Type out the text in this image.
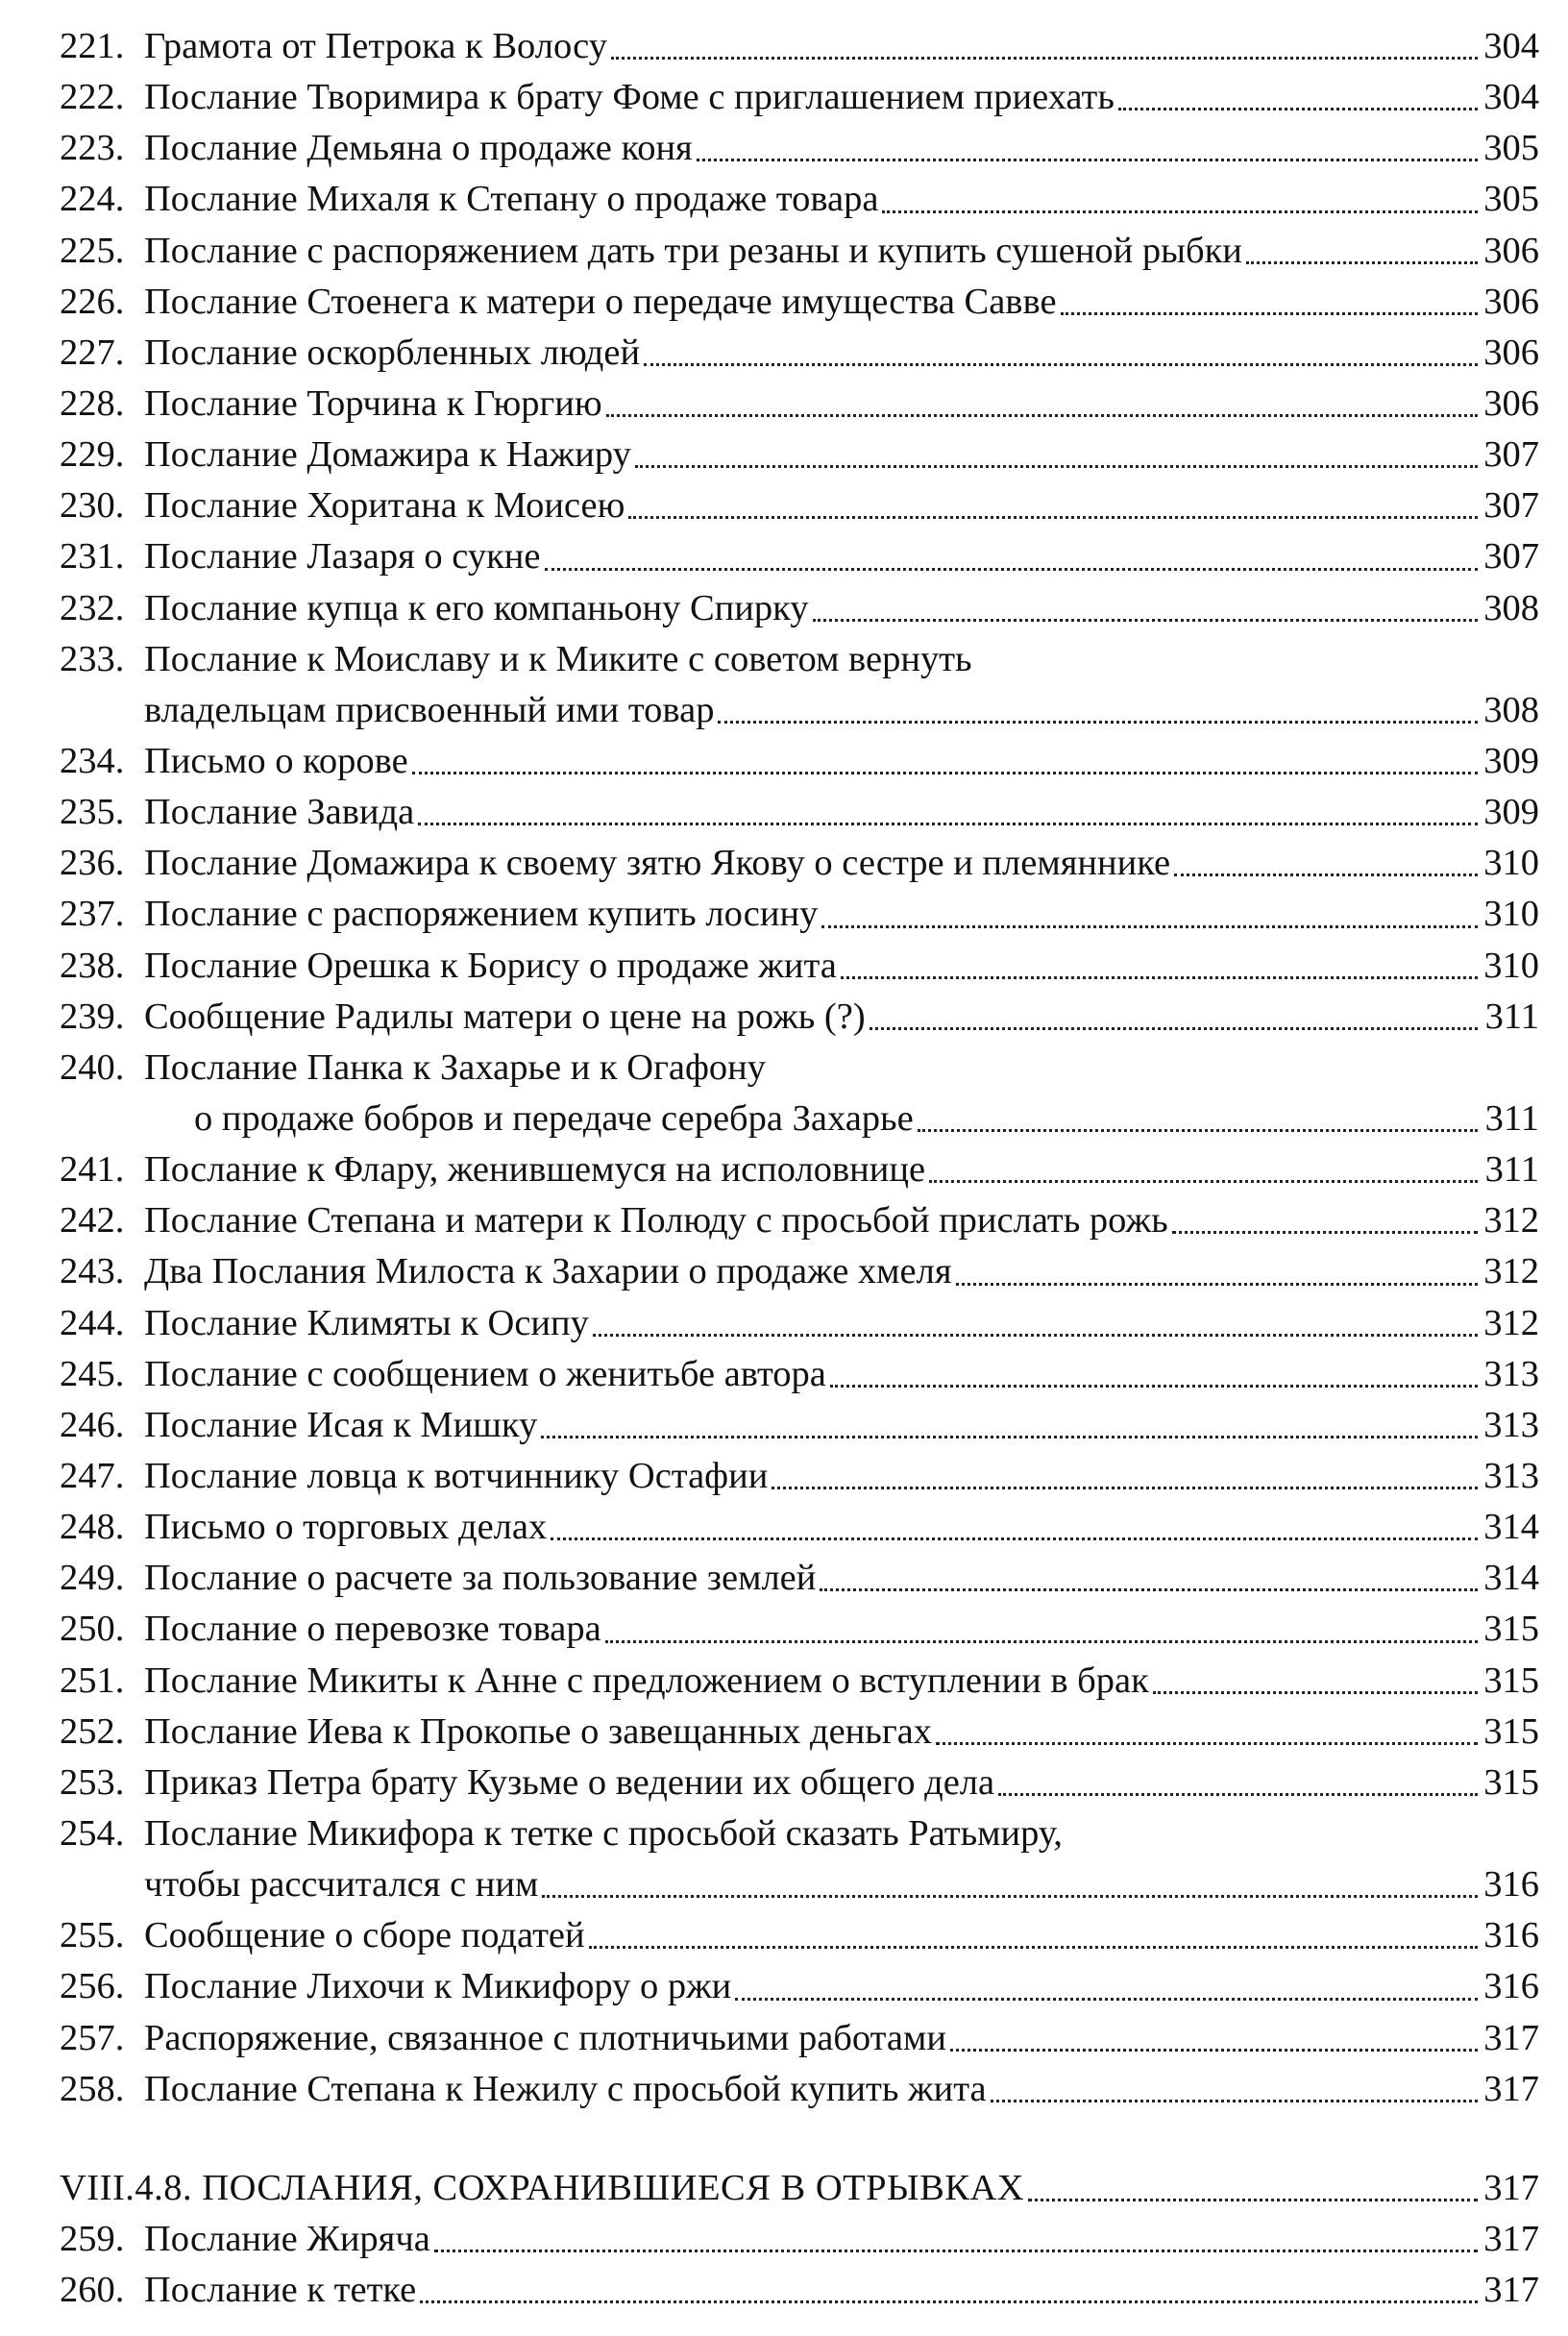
221. Грамота от Петрока к Волосу	304
222. Послание Творимира к брату Фоме с приглашением приехать	304
223. Послание Демьяна о продаже коня	305
224. Послание Михаля к Степану о продаже товара	305
225. Послание с распоряжением дать три резаны и купить сушеной рыбки	306
226. Послание Стоенега к матери о передаче имущества Савве	306
227. Послание оскорбленных людей	306
228. Послание Торчина к Гюргию	306
229. Послание Домажира к Нажиру	307
230. Послание Хоритана к Моисею	307
231. Послание Лазаря о сукне	307
232. Послание купца к его компаньону Спирку	308
233. Послание к Моиславу и к Миките с советом вернуть
владельцам присвоенный ими товар	308
234. Письмо о корове	309
235. Послание Завида	309
236. Послание Домажира к своему зятю Якову о сестре и племяннике	310
237. Послание с распоряжением купить лосину	310
238. Послание Орешка к Борису о продаже жита	310
239. Сообщение Радилы матери о цене на рожь (?)	311
240. Послание Панка к Захарье и к Огафону
о продаже бобров и передаче серебра Захарье	311
241. Послание к Флару, женившемуся на исполовнице	311
242. Послание Степана и матери к Полюду с просьбой прислать рожь	312
243. Два Послания Милоста к Захарии о продаже хмеля	312
244. Послание Климяты к Осипу	312
245. Послание с сообщением о женитьбе автора	313
246. Послание Исая к Мишку	313
247. Послание ловца к вотчиннику Остафии	313
248. Письмо о торговых делах	314
249. Послание о расчете за пользование землей	314
250. Послание о перевозке товара	315
251. Послание Микиты к Анне с предложением о вступлении в брак	315
252. Послание Иева к Прокопье о завещанных деньгах	315
253. Приказ Петра брату Кузьме о ведении их общего дела	315
254. Послание Микифора к тетке с просьбой сказать Ратьмиру,
чтобы рассчитался с ним	316
255. Сообщение о сборе податей	316
256. Послание Лихочи к Микифору о ржи	316
257. Распоряжение, связанное с плотничьими работами	317
258. Послание Степана к Нежилу с просьбой купить жита	317
VIII.4.8. ПОСЛАНИЯ, СОХРАНИВШИЕСЯ В ОТРЫВКАХ	317
259. Послание Жиряча	317
260. Послание к тетке	317
